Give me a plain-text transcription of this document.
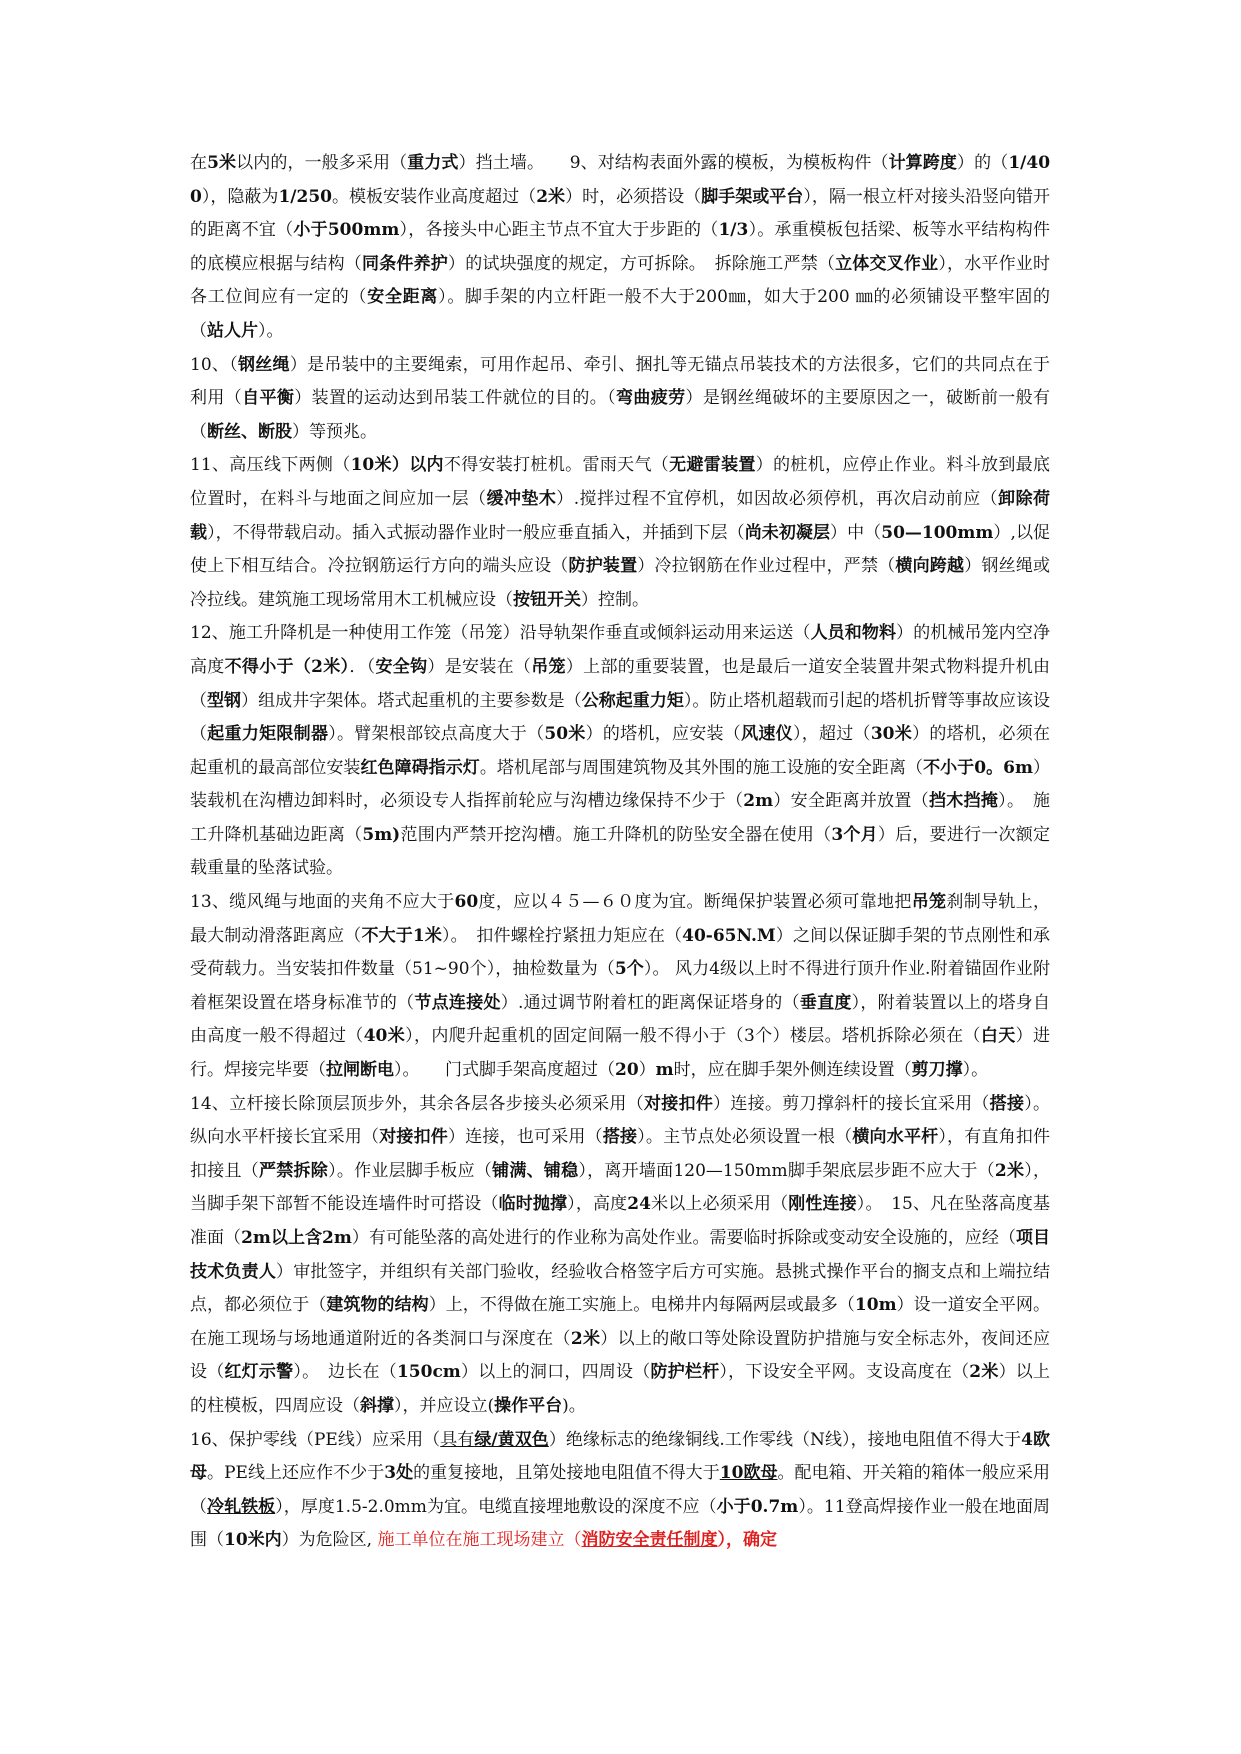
在5米以内的，一般多采用（重力式）挡土墙。　　9、对结构表面外露的模板，为模板构件（计算跨度）的（1/400），隐蔽为1/250。模板安装作业高度超过（2米）时，必须搭设（脚手架或平台），隔一根立杆对接头沿竖向错开的距离不宜（小于500mm），各接头中心距主节点不宜大于步距的（1/3）。承重模板包括梁、板等水平结构构件的底模应根据与结构（同条件养护）的试块强度的规定，方可拆除。　拆除施工严禁（立体交叉作业），水平作业时各工位间应有一定的（安全距离）。脚手架的内立杆距一般不大于200㎜，如大于200 ㎜的必须铺设平整牢固的（站人片）。

10、（钢丝绳）是吊装中的主要绳索，可用作起吊、牵引、捆扎等无锚点吊装技术的方法很多，它们的共同点在于利用（自平衡）装置的运动达到吊装工件就位的目的。（弯曲疲劳）是钢丝绳破坏的主要原因之一，破断前一般有（断丝、断股）等预兆。

11、高压线下两侧（10米）以内不得安装打桩机。雷雨天气（无避雷装置）的桩机，应停止作业。料斗放到最底位置时，在料斗与地面之间应加一层（缓冲垫木）.搅拌过程不宜停机，如因故必须停机，再次启动前应（卸除荷载），不得带载启动。插入式振动器作业时一般应垂直插入，并插到下层（尚未初凝层）中（50—100mm）,以促使上下相互结合。冷拉钢筋运行方向的端头应设（防护装置）冷拉钢筋在作业过程中，严禁（横向跨越）钢丝绳或冷拉线。建筑施工现场常用木工机械应设（按钮开关）控制。

12、施工升降机是一种使用工作笼（吊笼）沿导轨架作垂直或倾斜运动用来运送（人员和物料）的机械吊笼内空净高度不得小于（2米）．（安全钩）是安装在（吊笼）上部的重要装置，也是最后一道安全装置井架式物料提升机由（型钢）组成井字架体。塔式起重机的主要参数是（公称起重力矩）。防止塔机超载而引起的塔机折臂等事故应该设（起重力矩限制器）。臂架根部铰点高度大于（50米）的塔机，应安装（风速仪），超过（30米）的塔机，必须在起重机的最高部位安装红色障碍指示灯。塔机尾部与周围建筑物及其外围的施工设施的安全距离（不小于0。6m）装载机在沟槽边卸料时，必须设专人指挥前轮应与沟槽边缘保持不少于（2m）安全距离并放置（挡木挡掩）。　施工升降机基础边距离（5m)范围内严禁开挖沟槽。施工升降机的防坠安全器在使用（3个月）后，要进行一次额定载重量的坠落试验。

13、缆风绳与地面的夹角不应大于60度，应以４５—６０度为宜。断绳保护装置必须可靠地把吊笼刹制导轨上，最大制动滑落距离应（不大于1米）。　扣件螺栓拧紧扭力矩应在（40-65N.M）之间以保证脚手架的节点刚性和承受荷载力。当安装扣件数量（51~90个），抽检数量为（5个）。 风力4级以上时不得进行顶升作业.附着锚固作业附着框架设置在塔身标准节的（节点连接处）.通过调节附着杠的距离保证塔身的（垂直度），附着装置以上的塔身自由高度一般不得超过（40米），内爬升起重机的固定间隔一般不得小于（3个）楼层。塔机拆除必须在（白天）进行。焊接完毕要（拉闸断电）。　　门式脚手架高度超过（20）m时，应在脚手架外侧连续设置（剪刀撑）。

14、立杆接长除顶层顶步外，其余各层各步接头必须采用（对接扣件）连接。剪刀撑斜杆的接长宜采用（搭接）。纵向水平杆接长宜采用（对接扣件）连接，也可采用（搭接）。主节点处必须设置一根（横向水平杆），有直角扣件扣接且（严禁拆除）。作业层脚手板应（铺满、铺稳），离开墙面120—150mm脚手架底层步距不应大于（2米），当脚手架下部暂不能设连墙件时可搭设（临时抛撑），高度24米以上必须采用（刚性连接）。　15、凡在坠落高度基准面（2m以上含2m）有可能坠落的高处进行的作业称为高处作业。需要临时拆除或变动安全设施的，应经（项目技术负责人）审批签字，并组织有关部门验收，经验收合格签字后方可实施。悬挑式操作平台的搁支点和上端拉结点，都必须位于（建筑物的结构）上，不得做在施工实施上。电梯井内每隔两层或最多（10m）设一道安全平网。在施工现场与场地通道附近的各类洞口与深度在（2米）以上的敞口等处除设置防护措施与安全标志外，夜间还应设（红灯示警）。　边长在（150cm）以上的洞口，四周设（防护栏杆），下设安全平网。支设高度在（2米）以上的柱模板，四周应设（斜撑），并应设立(操作平台)。

16、保护零线（PE线）应采用（具有绿/黄双色）绝缘标志的绝缘铜线.工作零线（N线），接地电阻值不得大于4欧母。PE线上还应作不少于3处的重复接地，且第处接地电阻值不得大于10欧母。配电箱、开关箱的箱体一般应采用（冷轧铁板），厚度1.5-2.0mm为宜。电缆直接埋地敷设的深度不应（小于0.7m）。11登高焊接作业一般在地面周围（10米内）为危险区, 施工单位在施工现场建立（消防安全责任制度），确定
